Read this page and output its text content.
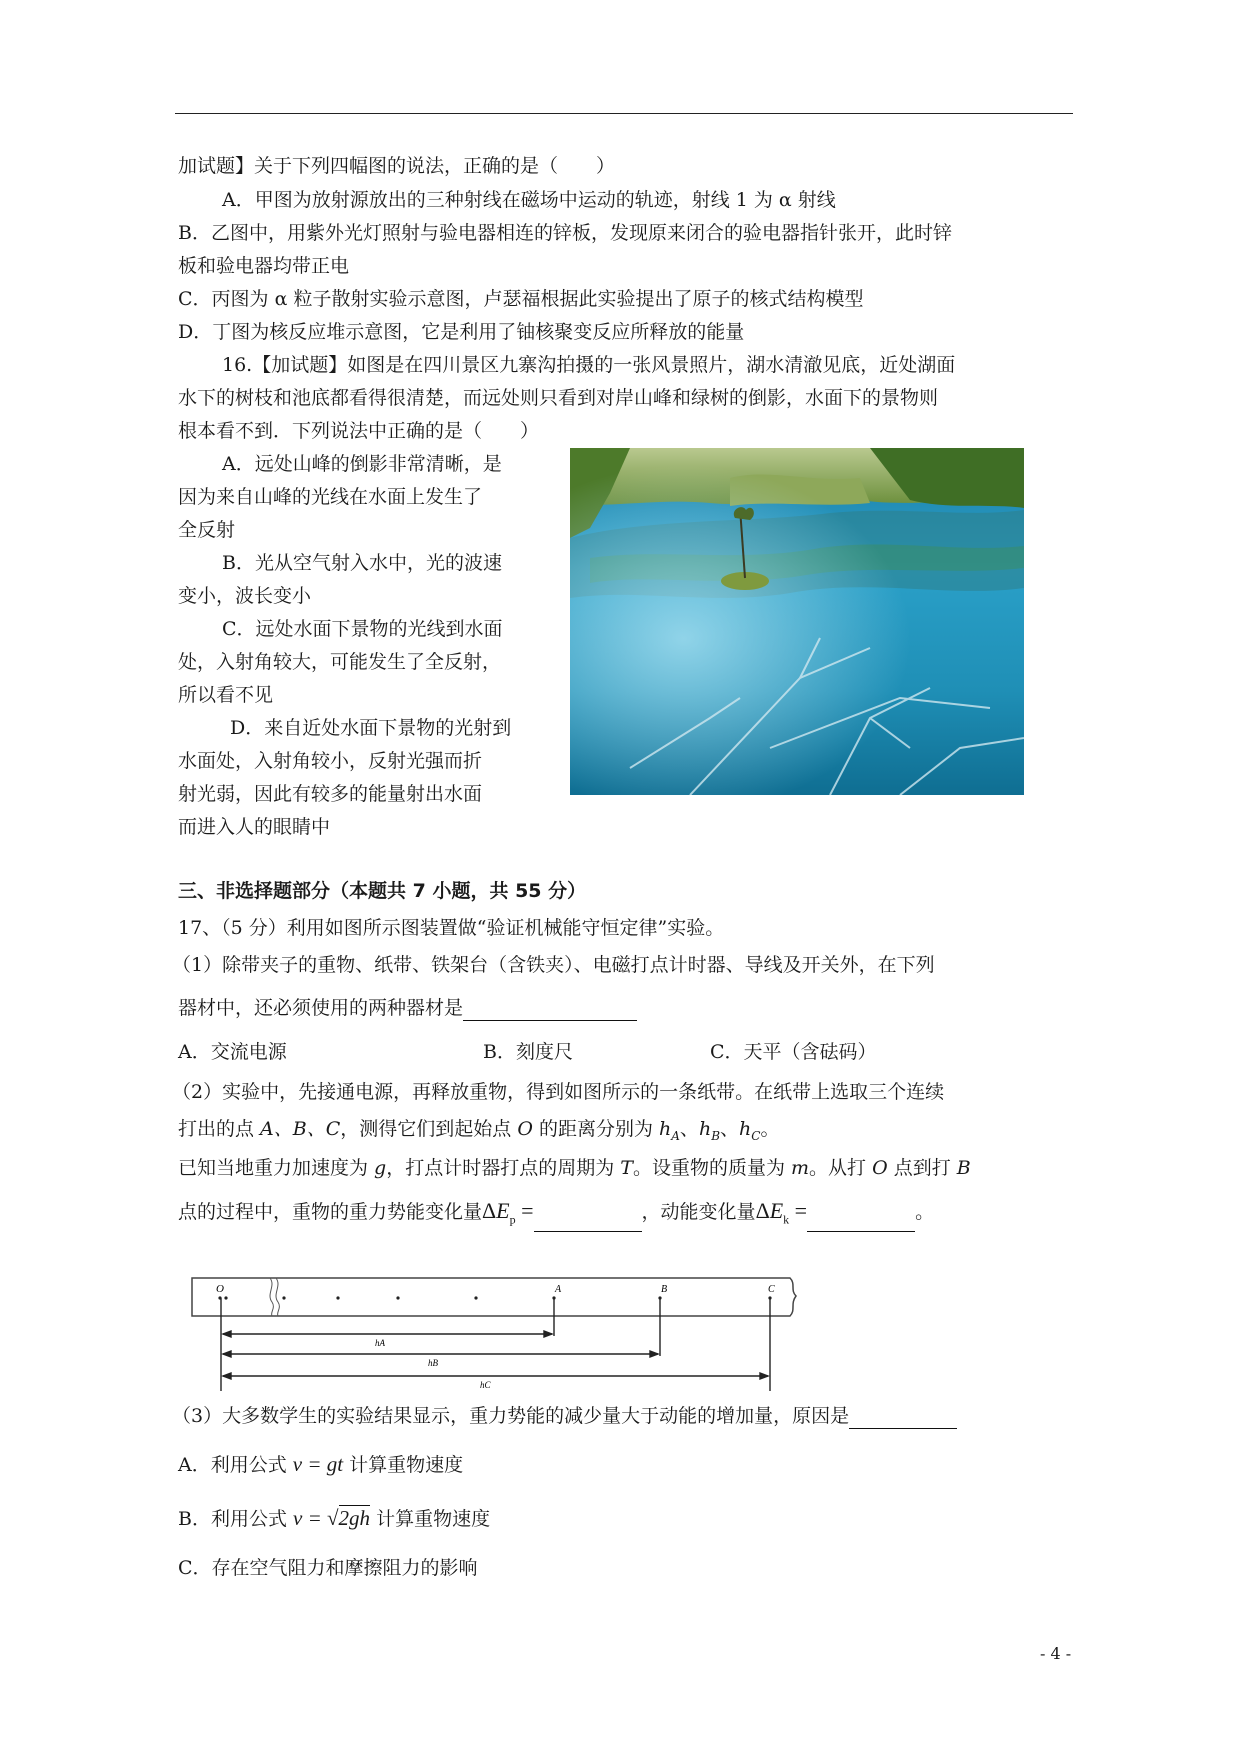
加试题】关于下列四幅图的说法，正确的是（　　）
A．甲图为放射源放出的三种射线在磁场中运动的轨迹，射线 1 为 α 射线
B．乙图中，用紫外光灯照射与验电器相连的锌板，发现原来闭合的验电器指针张开，此时锌
板和验电器均带正电
C．丙图为 α 粒子散射实验示意图，卢瑟福根据此实验提出了原子的核式结构模型
D．丁图为核反应堆示意图，它是利用了铀核聚变反应所释放的能量
16.【加试题】如图是在四川景区九寨沟拍摄的一张风景照片，湖水清澈见底，近处湖面
水下的树枝和池底都看得很清楚，而远处则只看到对岸山峰和绿树的倒影，水面下的景物则
根本看不到．下列说法中正确的是（　　）
A．远处山峰的倒影非常清晰，是
因为来自山峰的光线在水面上发生了
全反射
B．光从空气射入水中，光的波速
变小，波长变小
C．远处水面下景物的光线到水面
处，入射角较大，可能发生了全反射，
所以看不见
D．来自近处水面下景物的光射到
水面处，入射角较小，反射光强而折
射光弱，因此有较多的能量射出水面
而进入人的眼睛中
三、非选择题部分（本题共 7 小题，共 55 分）
17、（5 分）利用如图所示图装置做“验证机械能守恒定律”实验。
（1）除带夹子的重物、纸带、铁架台（含铁夹）、电磁打点计时器、导线及开关外，在下列
器材中，还必须使用的两种器材是
A．交流电源	B．刻度尺	C．天平（含砝码）
（2）实验中，先接通电源，再释放重物，得到如图所示的一条纸带。在纸带上选取三个连续
打出的点 A、B、C，测得它们到起始点 O 的距离分别为 $h_A$、$h_B$、$h_C$。
已知当地重力加速度为 g，打点计时器打点的周期为 T。设重物的质量为 m。从打 O 点到打 B
点的过程中，重物的重力势能变化量$\Delta E_p$ =	，动能变化量$\Delta E_k$ =	。
O	A	B	C
hA
hB
hC
（3）大多数学生的实验结果显示，重力势能的减少量大于动能的增加量，原因是
A．利用公式 v = gt 计算重物速度
B．利用公式 v = √2gh 计算重物速度
C．存在空气阻力和摩擦阻力的影响
- 4 -
